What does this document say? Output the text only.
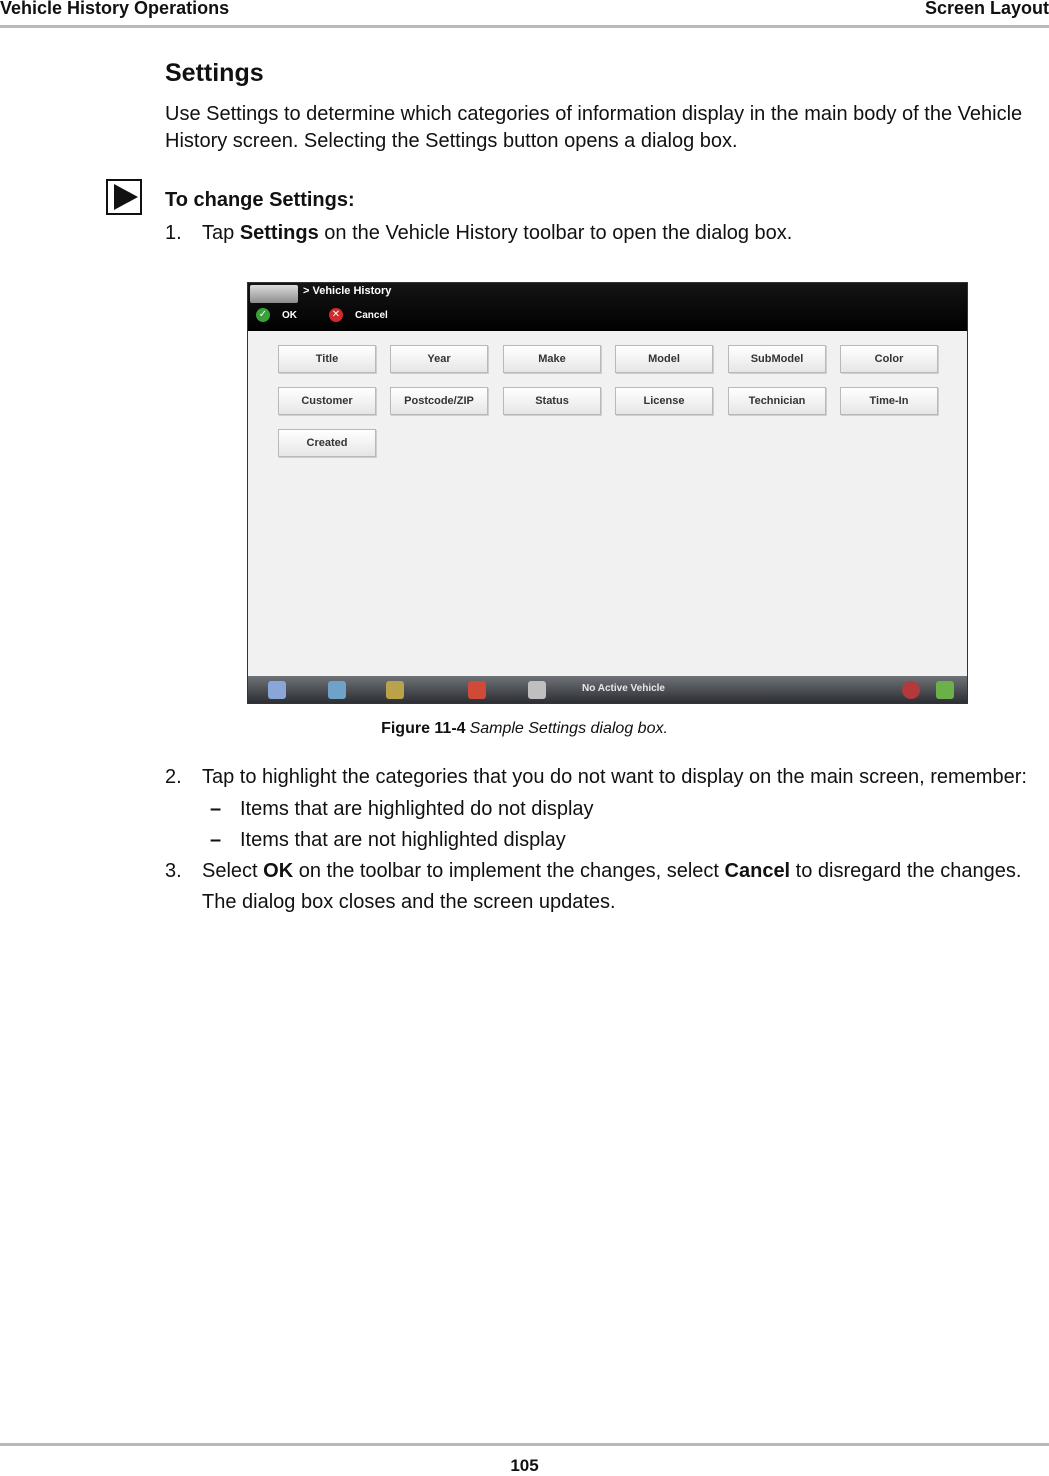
Vehicle History Operations	Screen Layout
Settings
Use Settings to determine which categories of information display in the main body of the Vehicle History screen. Selecting the Settings button opens a dialog box.
To change Settings:
1.	Tap Settings on the Vehicle History toolbar to open the dialog box.
> Vehicle History
✓ OK	✕ Cancel
Title	Year	Make	Model	SubModel	Color
Customer	Postcode/ZIP	Status	License	Technician	Time-In
Created
No Active Vehicle
Figure 11-4 Sample Settings dialog box.
2.	Tap to highlight the categories that you do not want to display on the main screen, remember:
– Items that are highlighted do not display
– Items that are not highlighted display
3.	Select OK on the toolbar to implement the changes, select Cancel to disregard the changes.
The dialog box closes and the screen updates.
105
